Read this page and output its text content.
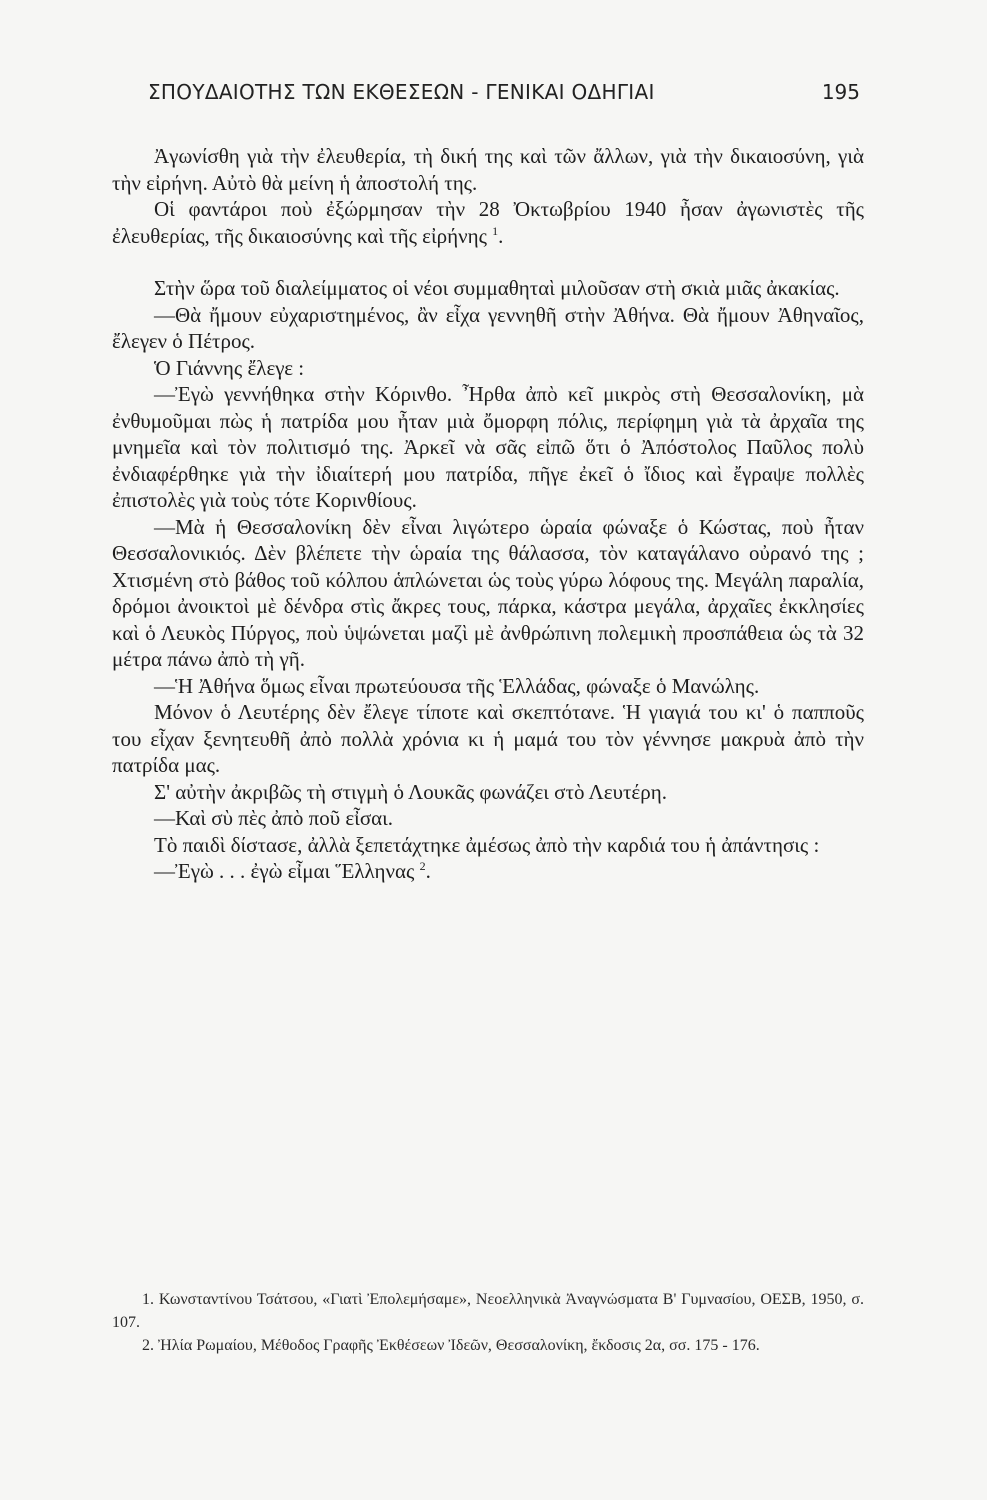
ΣΠΟΥΔΑΙΟΤΗΣ ΤΩΝ ΕΚΘΕΣΕΩΝ - ΓΕΝΙΚΑΙ ΟΔΗΓΙΑΙ	195

Ἀγωνίσθη γιὰ τὴν ἐλευθερία, τὴ δική της καὶ τῶν ἄλλων, γιὰ τὴν δικαιοσύνη, γιὰ τὴν εἰρήνη. Αὐτὸ θὰ μείνη ἡ ἀποστολή της.

Οἱ φαντάροι ποὺ ἐξώρμησαν τὴν 28 Ὀκτωβρίου 1940 ἦσαν ἀγωνιστὲς τῆς ἐλευθερίας, τῆς δικαιοσύνης καὶ τῆς εἰρήνης $^1$.

Στὴν ὥρα τοῦ διαλείμματος οἱ νέοι συμμαθηταὶ μιλοῦσαν στὴ σκιὰ μιᾶς ἀκακίας.

—Θὰ ἤμουν εὐχαριστημένος, ἂν εἶχα γεννηθῆ στὴν Ἀθήνα. Θὰ ἤμουν Ἀθηναῖος, ἔλεγεν ὁ Πέτρος.

Ὁ Γιάννης ἔλεγε :

—Ἐγὼ γεννήθηκα στὴν Κόρινθο. Ἦρθα ἀπὸ κεῖ μικρὸς στὴ Θεσσαλονίκη, μὰ ἐνθυμοῦμαι πὼς ἡ πατρίδα μου ἦταν μιὰ ὄμορφη πόλις, περίφημη γιὰ τὰ ἀρχαῖα της μνημεῖα καὶ τὸν πολιτισμό της. Ἀρκεῖ νὰ σᾶς εἰπῶ ὅτι ὁ Ἀπόστολος Παῦλος πολὺ ἐνδιαφέρθηκε γιὰ τὴν ἰδιαίτερή μου πατρίδα, πῆγε ἐκεῖ ὁ ἴδιος καὶ ἔγραψε πολλὲς ἐπιστολὲς γιὰ τοὺς τότε Κορινθίους.

—Μὰ ἡ Θεσσαλονίκη δὲν εἶναι λιγώτερο ὡραία φώναξε ὁ Κώστας, ποὺ ἦταν Θεσσαλονικιός. Δὲν βλέπετε τὴν ὡραία της θάλασσα, τὸν καταγάλανο οὐρανό της ; Χτισμένη στὸ βάθος τοῦ κόλπου ἁπλώνεται ὡς τοὺς γύρω λόφους της. Μεγάλη παραλία, δρόμοι ἀνοικτοὶ μὲ δένδρα στὶς ἄκρες τους, πάρκα, κάστρα μεγάλα, ἀρχαῖες ἐκκλησίες καὶ ὁ Λευκὸς Πύργος, ποὺ ὑψώνεται μαζὶ μὲ ἀνθρώπινη πολεμικὴ προσπάθεια ὡς τὰ 32 μέτρα πάνω ἀπὸ τὴ γῆ.

—Ἡ Ἀθήνα ὅμως εἶναι πρωτεύουσα τῆς Ἑλλάδας, φώναξε ὁ Μανώλης.

Μόνον ὁ Λευτέρης δὲν ἔλεγε τίποτε καὶ σκεπτότανε. Ἡ γιαγιά του κι' ὁ παπποῦς του εἶχαν ξενητευθῆ ἀπὸ πολλὰ χρόνια κι ἡ μαμά του τὸν γέννησε μακρυὰ ἀπὸ τὴν πατρίδα μας.

Σ' αὐτὴν ἀκριβῶς τὴ στιγμὴ ὁ Λουκᾶς φωνάζει στὸ Λευτέρη.

—Καὶ σὺ πὲς ἀπὸ ποῦ εἶσαι.

Τὸ παιδὶ δίστασε, ἀλλὰ ξεπετάχτηκε ἀμέσως ἀπὸ τὴν καρδιά του ἡ ἀπάντησις :

—Ἐγὼ . . . ἐγὼ εἶμαι Ἕλληνας $^2$.

1. Κωνσταντίνου Τσάτσου, «Γιατὶ Ἐπολεμήσαμε», Νεοελληνικὰ Ἀναγνώσματα Β' Γυμνασίου, ΟΕΣΒ, 1950, σ. 107.

2. Ἠλία Ρωμαίου, Μέθοδος Γραφῆς Ἐκθέσεων Ἰδεῶν, Θεσσαλονίκη, ἔκδοσις 2α, σσ. 175 - 176.
